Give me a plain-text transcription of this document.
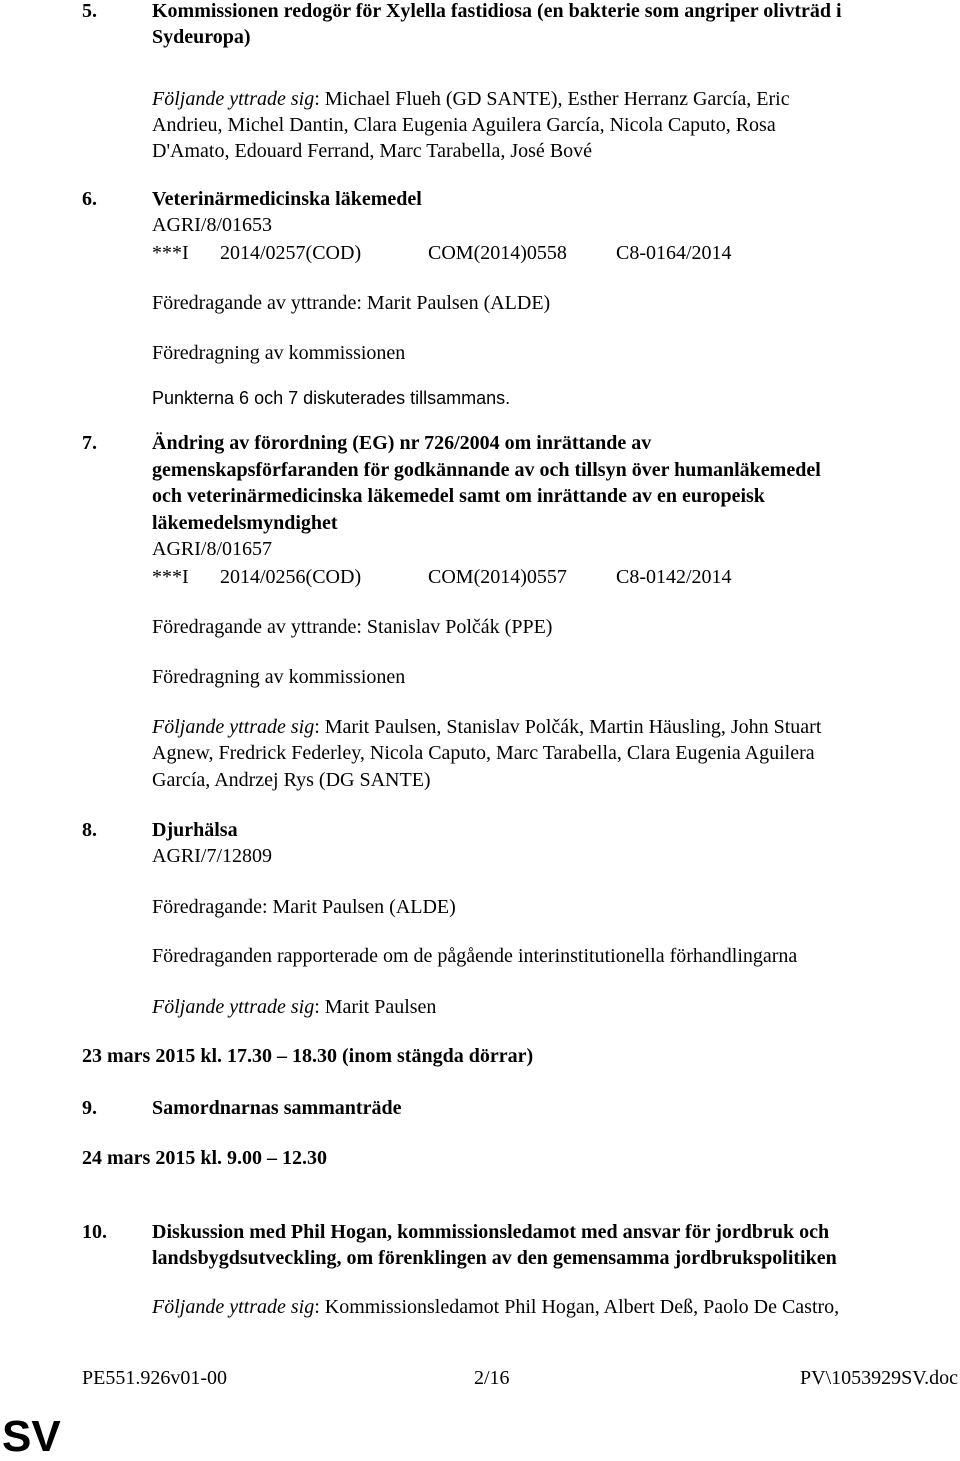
5.	Kommissionen redogör för Xylella fastidiosa (en bakterie som angriper olivträd i
Sydeuropa)
Följande yttrade sig: Michael Flueh (GD SANTE), Esther Herranz García, Eric
Andrieu, Michel Dantin, Clara Eugenia Aguilera García, Nicola Caputo, Rosa
D'Amato, Edouard Ferrand, Marc Tarabella, José Bové
6.	Veterinärmedicinska läkemedel
AGRI/8/01653
***I 2014/0257(COD)	COM(2014)0558 C8-0164/2014
Föredragande av yttrande: Marit Paulsen (ALDE)
Föredragning av kommissionen
Punkterna 6 och 7 diskuterades tillsammans.
7.	Ändring av förordning (EG) nr 726/2004 om inrättande av
gemenskapsförfaranden för godkännande av och tillsyn över humanläkemedel
och veterinärmedicinska läkemedel samt om inrättande av en europeisk
läkemedelsmyndighet
AGRI/8/01657
***I 2014/0256(COD)	COM(2014)0557 C8-0142/2014
Föredragande av yttrande: Stanislav Polčák (PPE)
Föredragning av kommissionen
Följande yttrade sig: Marit Paulsen, Stanislav Polčák, Martin Häusling, John Stuart
Agnew, Fredrick Federley, Nicola Caputo, Marc Tarabella, Clara Eugenia Aguilera
García, Andrzej Rys (DG SANTE)
8.	Djurhälsa
AGRI/7/12809
Föredragande: Marit Paulsen (ALDE)
Föredraganden rapporterade om de pågående interinstitutionella förhandlingarna
Följande yttrade sig: Marit Paulsen
23 mars 2015 kl. 17.30 – 18.30 (inom stängda dörrar)
9.	Samordnarnas sammanträde
24 mars 2015 kl. 9.00 – 12.30
10. Diskussion med Phil Hogan, kommissionsledamot med ansvar för jordbruk och
landsbygdsutveckling, om förenklingen av den gemensamma jordbrukspolitiken
Följande yttrade sig: Kommissionsledamot Phil Hogan, Albert Deß, Paolo De Castro,
PE551.926v01-00	2/16	PV\1053929SV.doc
SV
